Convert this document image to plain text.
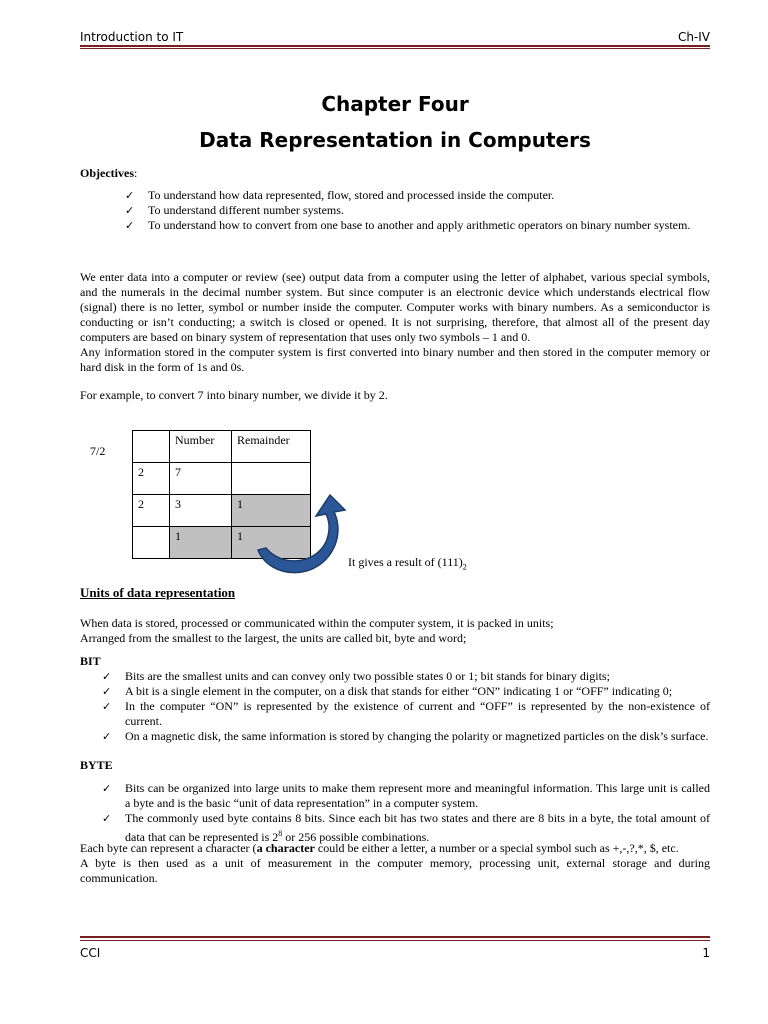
Introduction to IT	Ch-IV
Chapter Four
Data Representation in Computers
Objectives:
✓ To understand how data represented, flow, stored and processed inside the computer.
✓ To understand different number systems.
✓ To understand how to convert from one base to another and apply arithmetic operators on binary number system.
We enter data into a computer or review (see) output data from a computer using the letter of alphabet, various special symbols, and the numerals in the decimal number system. But since computer is an electronic device which understands electrical flow (signal) there is no letter, symbol or number inside the computer. Computer works with binary numbers. As a semiconductor is conducting or isn’t conducting; a switch is closed or opened. It is not surprising, therefore, that almost all of the present day computers are based on binary system of representation that uses only two symbols – 1 and 0.
Any information stored in the computer system is first converted into binary number and then stored in the computer memory or hard disk in the form of 1s and 0s.
For example, to convert 7 into binary number, we divide it by 2.
7/2
	Number	Remainder
2	7	
2	3	1
	1	1
It gives a result of $(111)_2$
Units of data representation
When data is stored, processed or communicated within the computer system, it is packed in units;
Arranged from the smallest to the largest, the units are called bit, byte and word;
BIT
✓ Bits are the smallest units and can convey only two possible states 0 or 1; bit stands for binary digits;
✓ A bit is a single element in the computer, on a disk that stands for either “ON” indicating 1 or “OFF” indicating 0;
✓ In the computer “ON” is represented by the existence of current and “OFF” is represented by the non-existence of current.
✓ On a magnetic disk, the same information is stored by changing the polarity or magnetized particles on the disk’s surface.
BYTE
✓ Bits can be organized into large units to make them represent more and meaningful information. This large unit is called a byte and is the basic “unit of data representation” in a computer system.
✓ The commonly used byte contains 8 bits. Since each bit has two states and there are 8 bits in a byte, the total amount of data that can be represented is $2^8$ or 256 possible combinations.
Each byte can represent a character (a character could be either a letter, a number or a special symbol such as +,-,?,*, $, etc.
A byte is then used as a unit of measurement in the computer memory, processing unit, external storage and during communication.
CCI	1
